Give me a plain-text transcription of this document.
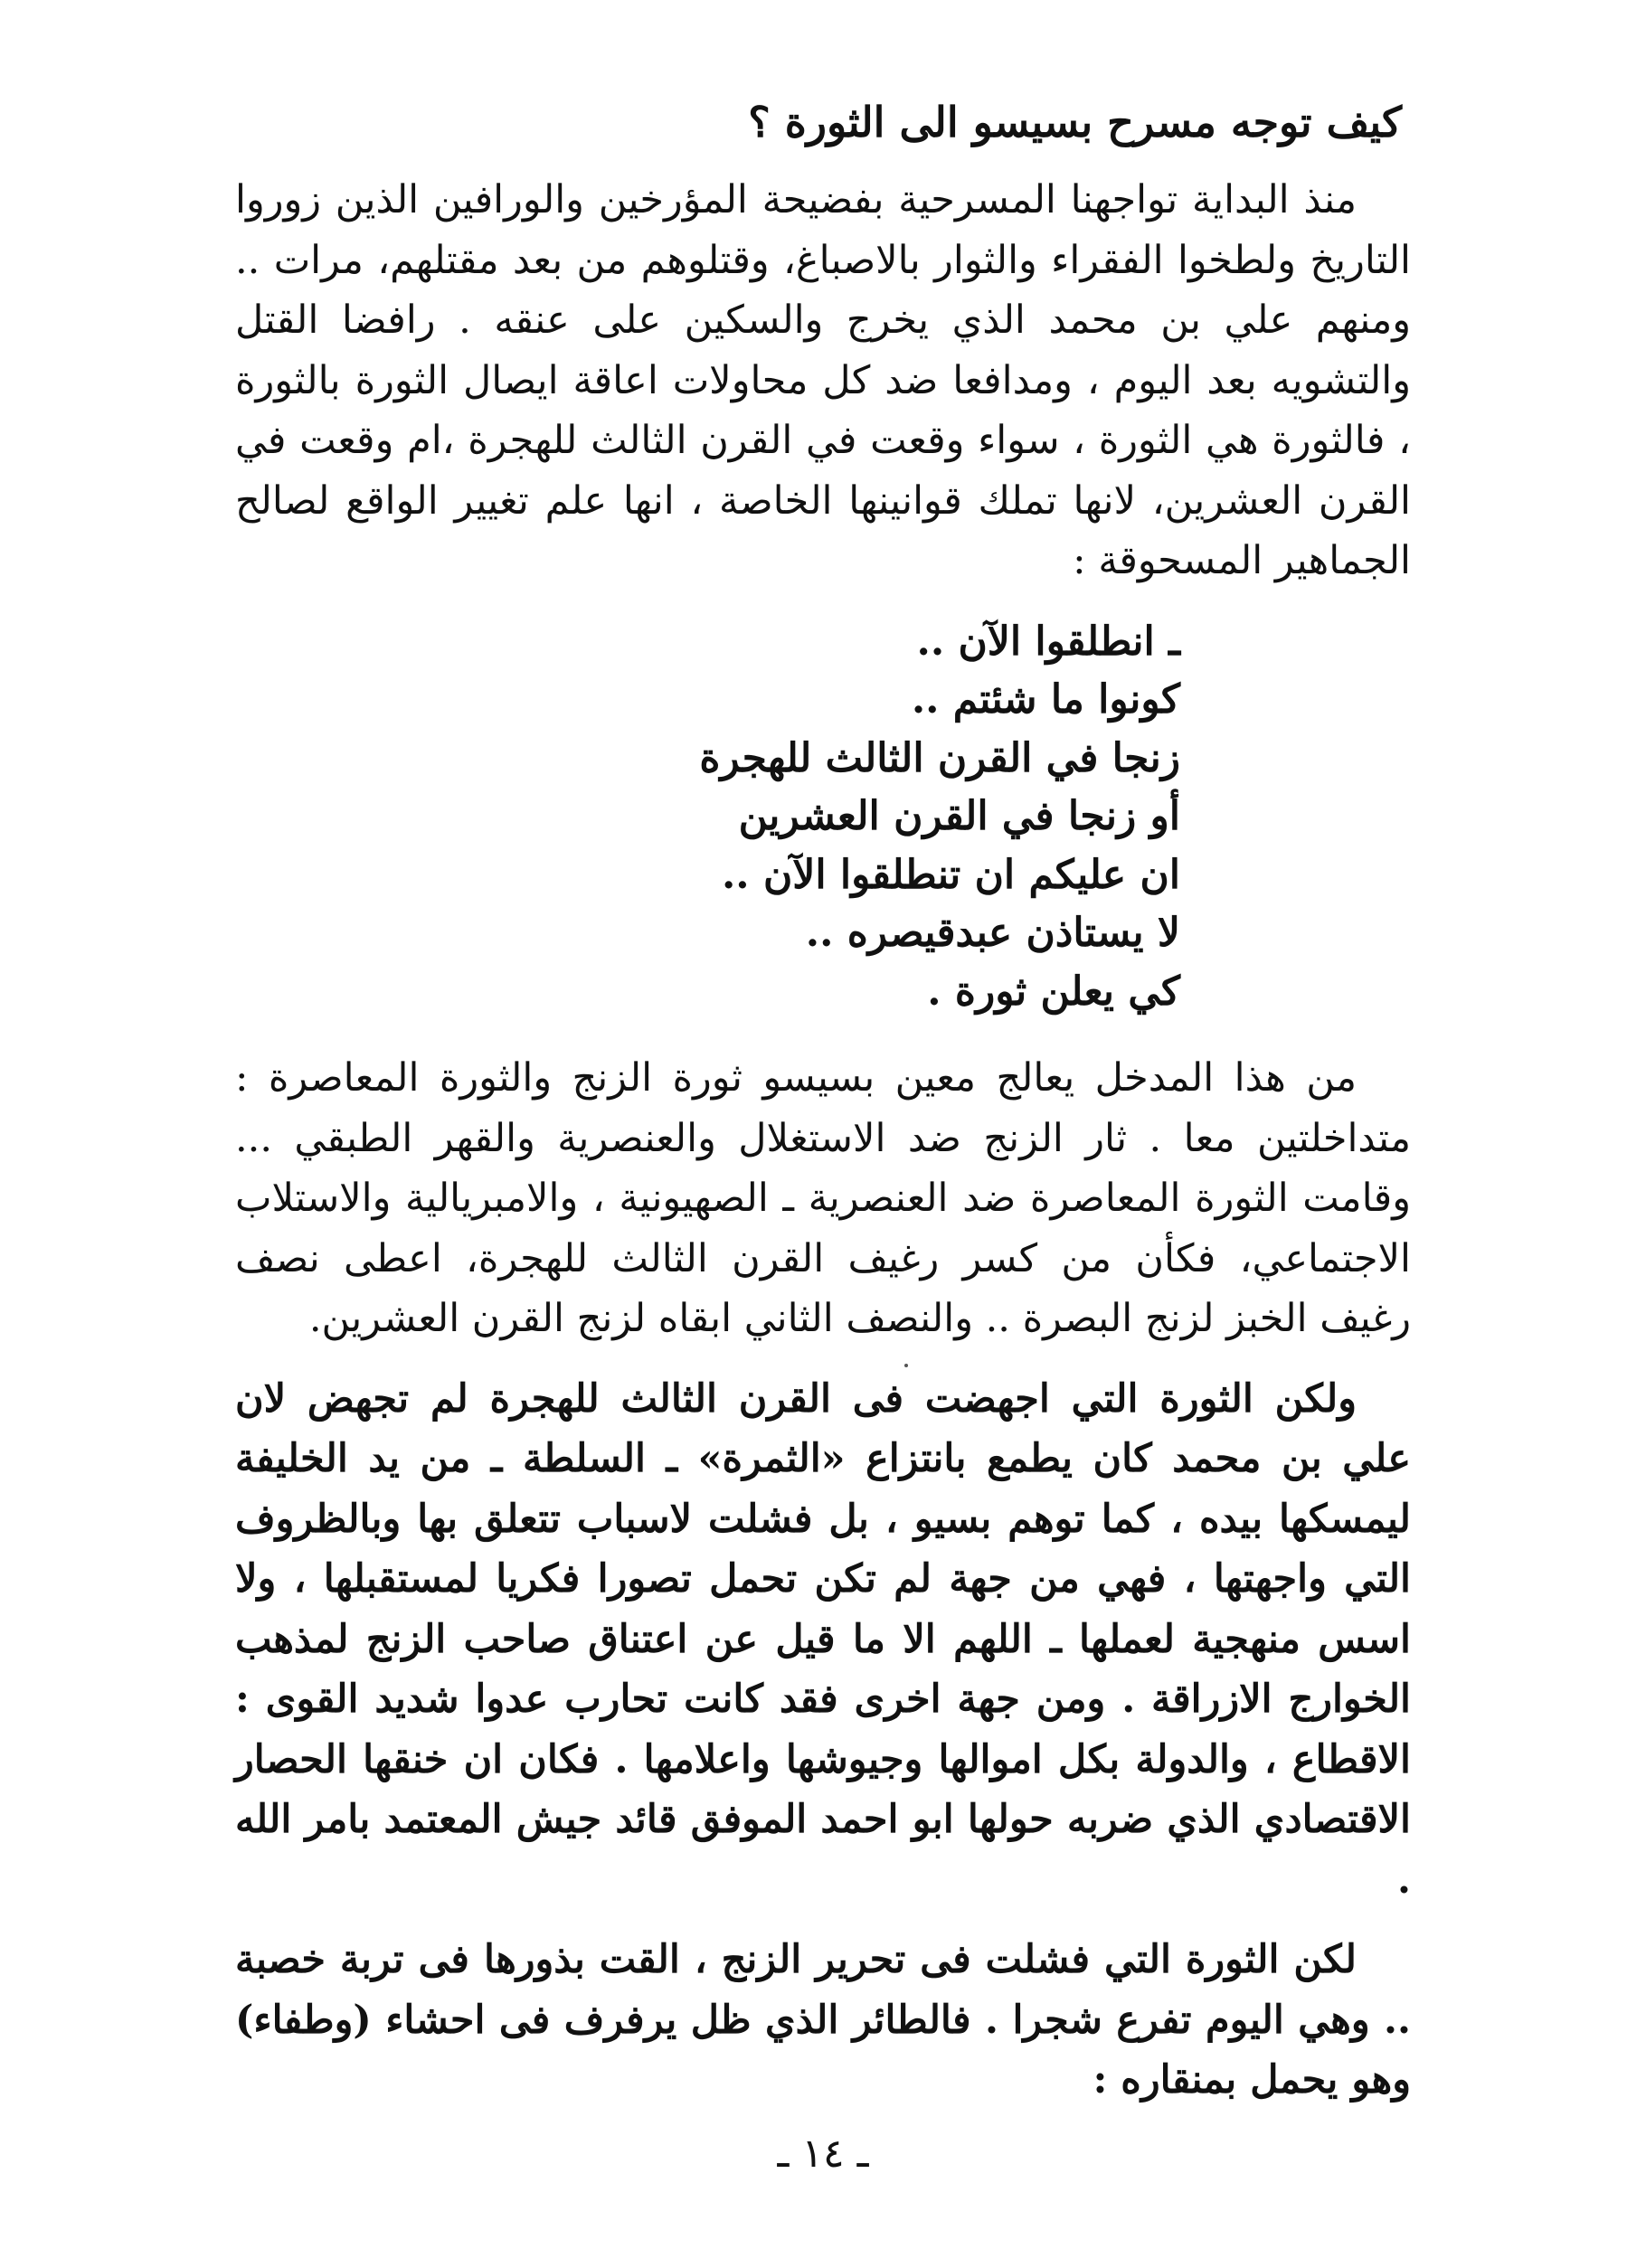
كيف توجه مسرح بسيسو الى الثورة ؟

منذ البداية تواجهنا المسرحية بفضيحة المؤرخين والورافين الذين زوروا التاريخ ولطخوا الفقراء والثوار بالاصباغ، وقتلوهم من بعد مقتلهم، مرات .. ومنهم علي بن محمد الذي يخرج والسكين على عنقه . رافضا القتل والتشويه بعد اليوم ، ومدافعا ضد كل محاولات اعاقة ايصال الثورة بالثورة ، فالثورة هي الثورة ، سواء وقعت في القرن الثالث للهجرة ،ام وقعت في القرن العشرين، لانها تملك قوانينها الخاصة ، انها علم تغيير الواقع لصالح الجماهير المسحوقة :

ـ انطلقوا الآن ..
كونوا ما شئتم ..
زنجا في القرن الثالث للهجرة
أو زنجا في القرن العشرين
ان عليكم ان تنطلقوا الآن ..
لا يستاذن عبدقيصره ..
كي يعلن ثورة .

من هذا المدخل يعالج معين بسيسو ثورة الزنج والثورة المعاصرة : متداخلتين معا . ثار الزنج ضد الاستغلال والعنصرية والقهر الطبقي ... وقامت الثورة المعاصرة ضد العنصرية ـ الصهيونية ، والامبريالية والاستلاب الاجتماعي، فكأن من كسر رغيف القرن الثالث للهجرة، اعطى نصف رغيف الخبز لزنج البصرة .. والنصف الثاني ابقاه لزنج القرن العشرين.

ولكن الثورة التي اجهضت فى القرن الثالث للهجرة لم تجهض لان علي بن محمد كان يطمع بانتزاع «الثمرة» ـ السلطة ـ من يد الخليفة ليمسكها بيده ، كما توهم بسيو ، بل فشلت لاسباب تتعلق بها وبالظروف التي واجهتها ، فهي من جهة لم تكن تحمل تصورا فكريا لمستقبلها ، ولا اسس منهجية لعملها ـ اللهم الا ما قيل عن اعتناق صاحب الزنج لمذهب الخوارج الازراقة . ومن جهة اخرى فقد كانت تحارب عدوا شديد القوى : الاقطاع ، والدولة بكل اموالها وجيوشها واعلامها . فكان ان خنقها الحصار الاقتصادي الذي ضربه حولها ابو احمد الموفق قائد جيش المعتمد بامر الله .

لكن الثورة التي فشلت فى تحرير الزنج ، القت بذورها فى تربة خصبة .. وهي اليوم تفرع شجرا . فالطائر الذي ظل يرفرف فى احشاء (وطفاء) وهو يحمل بمنقاره :

ـ ١٤ ـ
